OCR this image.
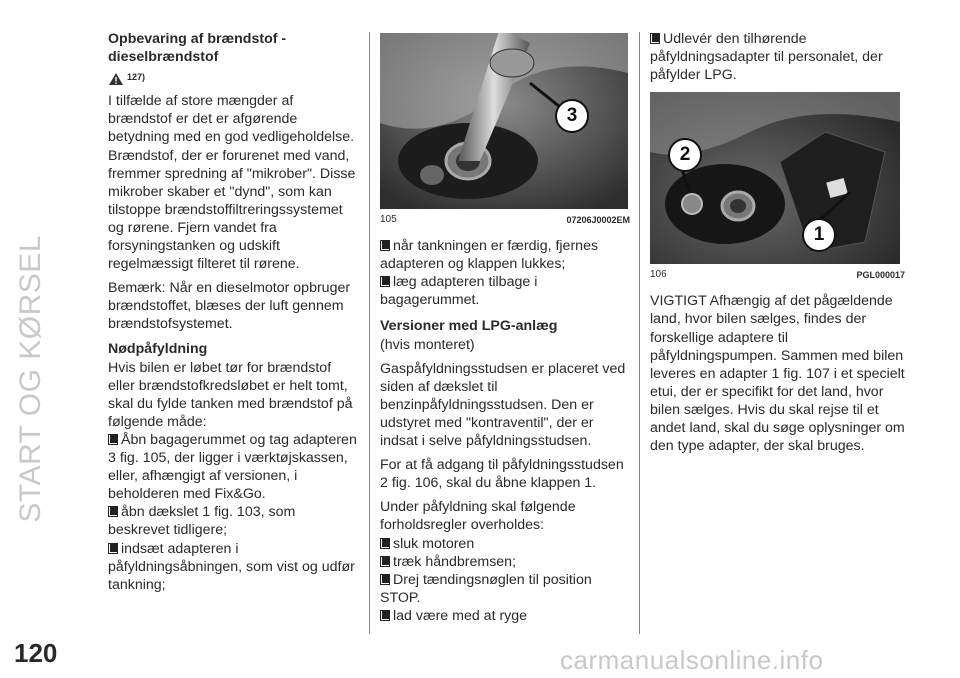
START OG KØRSEL

Opbevaring af brændstof - dieselbrændstof

127)

I tilfælde af store mængder af brændstof er det er afgørende betydning med en god vedligeholdelse. Brændstof, der er forurenet med vand, fremmer spredning af "mikrober". Disse mikrober skaber et "dynd", som kan tilstoppe brændstoffiltreringssystemet og rørene. Fjern vandet fra forsyningstanken og udskift regelmæssigt filteret til rørene.

Bemærk: Når en dieselmotor opbruger brændstoffet, blæses der luft gennem brændstofsystemet.

Nødpåfyldning

Hvis bilen er løbet tør for brændstof eller brændstofkredsløbet er helt tomt, skal du fylde tanken med brændstof på følgende måde:

Åbn bagagerummet og tag adapteren 3 fig. 105, der ligger i værktøjskassen, eller, afhængigt af versionen, i beholderen med Fix&Go.
åbn dækslet 1 fig. 103, som beskrevet tidligere;
indsæt adapteren i påfyldningsåbningen, som vist og udfør tankning;
3
105	07206J0002EM
når tankningen er færdig, fjernes adapteren og klappen lukkes;
læg adapteren tilbage i bagagerummet.

Versioner med LPG-anlæg

(hvis monteret)

Gaspåfyldningsstudsen er placeret ved siden af dækslet til benzinpåfyldningsstudsen. Den er udstyret med "kontraventil", der er indsat i selve påfyldningsstudsen.

For at få adgang til påfyldningsstudsen 2 fig. 106, skal du åbne klappen 1.

Under påfyldning skal følgende forholdsregler overholdes:

sluk motoren
træk håndbremsen;
Drej tændingsnøglen til position STOP.
lad være med at ryge
Udlevér den tilhørende påfyldningsadapter til personalet, der påfylder LPG.
2
1
106	PGL000017

VIGTIGT Afhængig af det pågældende land, hvor bilen sælges, findes der forskellige adaptere til påfyldningspumpen. Sammen med bilen leveres en adapter 1 fig. 107 i et specielt etui, der er specifikt for det land, hvor bilen sælges. Hvis du skal rejse til et andet land, skal du søge oplysninger om den type adapter, der skal bruges.

120	carmanualsonline.info
